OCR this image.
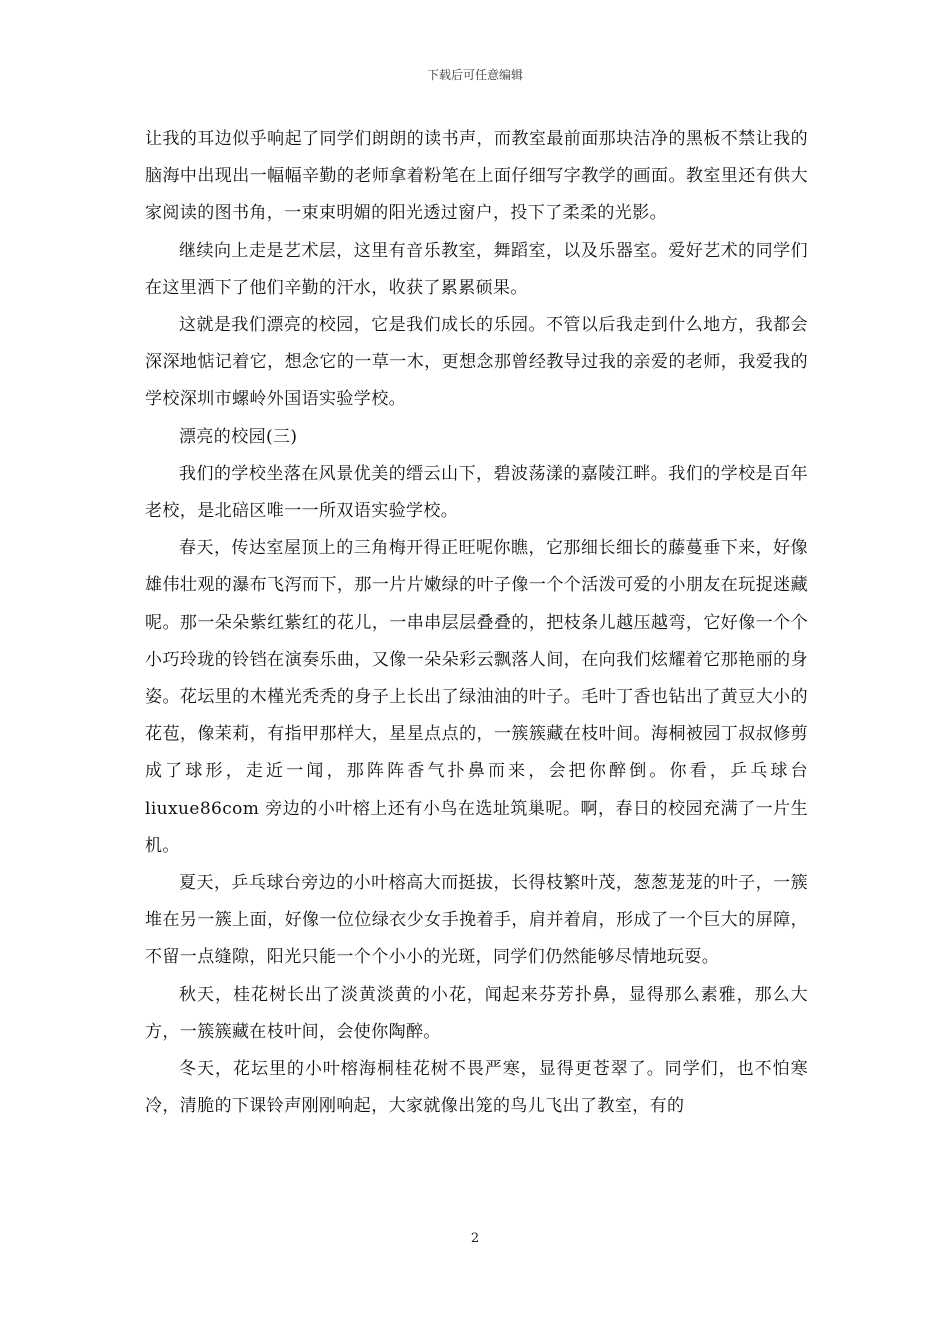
下载后可任意编辑

让我的耳边似乎响起了同学们朗朗的读书声，而教室最前面那块洁净的黑板不禁让我的脑海中出现出一幅幅辛勤的老师拿着粉笔在上面仔细写字教学的画面。教室里还有供大家阅读的图书角，一束束明媚的阳光透过窗户，投下了柔柔的光影。

继续向上走是艺术层，这里有音乐教室，舞蹈室，以及乐器室。爱好艺术的同学们在这里洒下了他们辛勤的汗水，收获了累累硕果。

这就是我们漂亮的校园，它是我们成长的乐园。不管以后我走到什么地方，我都会深深地惦记着它，想念它的一草一木，更想念那曾经教导过我的亲爱的老师，我爱我的学校深圳市螺岭外国语实验学校。

漂亮的校园(三)

我们的学校坐落在风景优美的缙云山下，碧波荡漾的嘉陵江畔。我们的学校是百年老校，是北碚区唯一一所双语实验学校。

春天，传达室屋顶上的三角梅开得正旺呢你瞧，它那细长细长的藤蔓垂下来，好像雄伟壮观的瀑布飞泻而下，那一片片嫩绿的叶子像一个个活泼可爱的小朋友在玩捉迷藏呢。那一朵朵紫红紫红的花儿，一串串层层叠叠的，把枝条儿越压越弯，它好像一个个小巧玲珑的铃铛在演奏乐曲，又像一朵朵彩云飘落人间，在向我们炫耀着它那艳丽的身姿。花坛里的木槿光秃秃的身子上长出了绿油油的叶子。毛叶丁香也钻出了黄豆大小的花苞，像茉莉，有指甲那样大，星星点点的，一簇簇藏在枝叶间。海桐被园丁叔叔修剪成了球形，走近一闻，那阵阵香气扑鼻而来，会把你醉倒。你看，乒乓球台 liuxue86com 旁边的小叶榕上还有小鸟在选址筑巢呢。啊，春日的校园充满了一片生机。

夏天，乒乓球台旁边的小叶榕高大而挺拔，长得枝繁叶茂，葱葱茏茏的叶子，一簇堆在另一簇上面，好像一位位绿衣少女手挽着手，肩并着肩，形成了一个巨大的屏障，不留一点缝隙，阳光只能一个个小小的光斑，同学们仍然能够尽情地玩耍。

秋天，桂花树长出了淡黄淡黄的小花，闻起来芬芳扑鼻，显得那么素雅，那么大方，一簇簇藏在枝叶间，会使你陶醉。

冬天，花坛里的小叶榕海桐桂花树不畏严寒，显得更苍翠了。同学们，也不怕寒冷，清脆的下课铃声刚刚响起，大家就像出笼的鸟儿飞出了教室，有的

2
